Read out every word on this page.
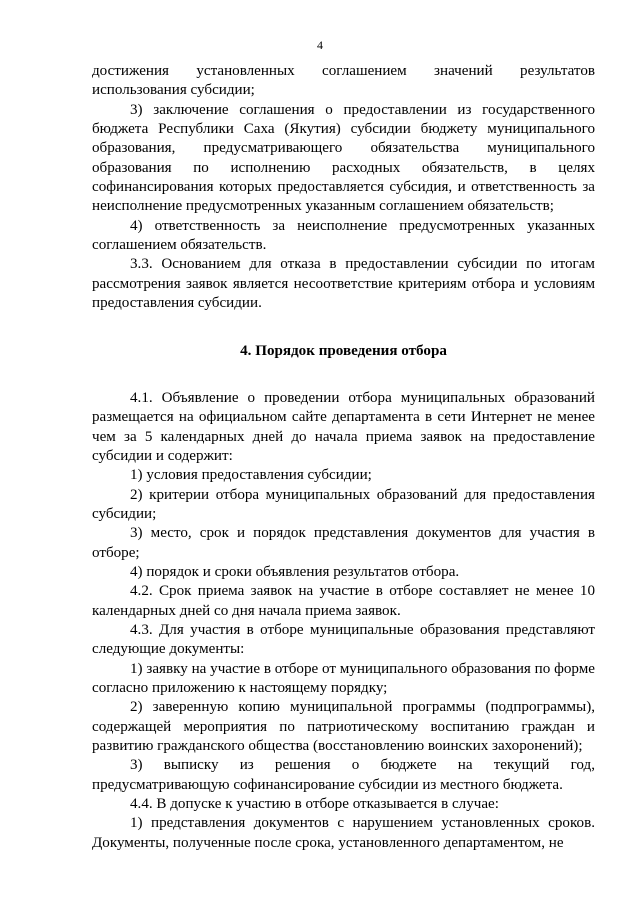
4

достижения установленных соглашением значений результатов использования субсидии;

3) заключение соглашения о предоставлении из государственного бюджета Республики Саха (Якутия) субсидии бюджету муниципального образования, предусматривающего обязательства муниципального образования по исполнению расходных обязательств, в целях софинансирования которых предоставляется субсидия, и ответственность за неисполнение предусмотренных указанным соглашением обязательств;

4) ответственность за неисполнение предусмотренных указанных соглашением обязательств.

3.3. Основанием для отказа в предоставлении субсидии по итогам рассмотрения заявок является несоответствие критериям отбора и условиям предоставления субсидии.

4. Порядок проведения отбора

4.1. Объявление о проведении отбора муниципальных образований размещается на официальном сайте департамента в сети Интернет не менее чем за 5 календарных дней до начала приема заявок на предоставление субсидии и содержит:

1) условия предоставления субсидии;

2) критерии отбора муниципальных образований для предоставления субсидии;

3) место, срок и порядок представления документов для участия в отборе;

4) порядок и сроки объявления результатов отбора.

4.2. Срок приема заявок на участие в отборе составляет не менее 10 календарных дней со дня начала приема заявок.

4.3. Для участия в отборе муниципальные образования представляют следующие документы:

1) заявку на участие в отборе от муниципального образования по форме согласно приложению к настоящему порядку;

2) заверенную копию муниципальной программы (подпрограммы), содержащей мероприятия по патриотическому воспитанию граждан и развитию гражданского общества (восстановлению воинских захоронений);

3) выписку из решения о бюджете на текущий год, предусматривающую софинансирование субсидии из местного бюджета.

4.4. В допуске к участию в отборе отказывается в случае:

1) представления документов с нарушением установленных сроков. Документы, полученные после срока, установленного департаментом, не
